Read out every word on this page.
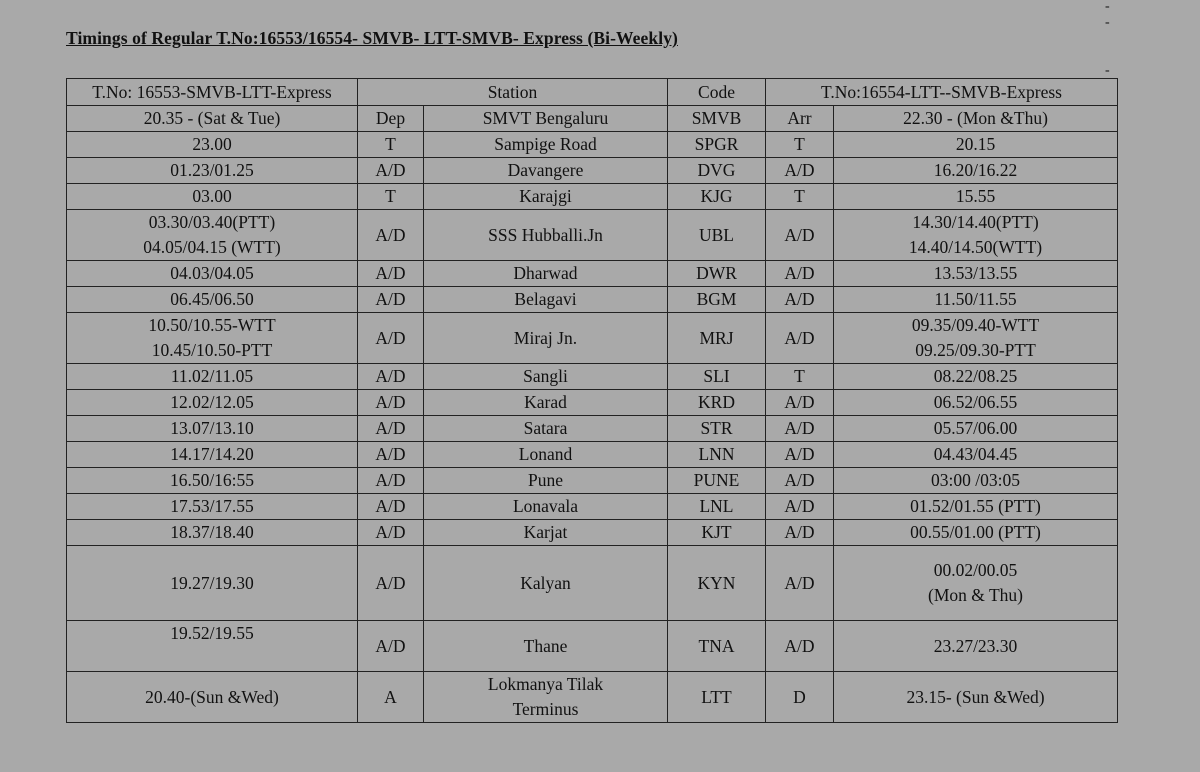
Timings of Regular T.No:16553/16554- SMVB- LTT-SMVB- Express (Bi-Weekly)
-
-
-
T.No: 16553-SMVB-LTT-Express	Station		Code	T.No:16554-LTT--SMVB-Express	

20.35 - (Sat & Tue)	Dep	SMVT Bengaluru	SMVB	Arr	22.30 - (Mon &Thu)

23.00	T	Sampige Road	SPGR	T	20.15

01.23/01.25	A/D	Davangere	DVG	A/D	16.20/16.22

03.00	T	Karajgi	KJG	T	15.55

03.30/03.40(PTT)
04.05/04.15 (WTT)	A/D	SSS Hubballi.Jn	UBL	A/D	14.30/14.40(PTT)
14.40/14.50(WTT)

04.03/04.05	A/D	Dharwad	DWR	A/D	13.53/13.55

06.45/06.50	A/D	Belagavi	BGM	A/D	11.50/11.55

10.50/10.55-WTT
10.45/10.50-PTT	A/D	Miraj Jn.	MRJ	A/D	09.35/09.40-WTT
09.25/09.30-PTT

11.02/11.05	A/D	Sangli	SLI	T	08.22/08.25

12.02/12.05	A/D	Karad	KRD	A/D	06.52/06.55

13.07/13.10	A/D	Satara	STR	A/D	05.57/06.00

14.17/14.20	A/D	Lonand	LNN	A/D	04.43/04.45

16.50/16:55	A/D	Pune	PUNE	A/D	03:00 /03:05

17.53/17.55	A/D	Lonavala	LNL	A/D	01.52/01.55 (PTT)

18.37/18.40	A/D	Karjat	KJT	A/D	00.55/01.00 (PTT)

19.27/19.30	A/D	Kalyan	KYN	A/D	00.02/00.05
(Mon & Thu)

19.52/19.55	A/D	Thane	TNA	A/D	23.27/23.30

20.40-(Sun &Wed)	A	Lokmanya Tilak
Terminus	LTT	D	23.15- (Sun &Wed)
